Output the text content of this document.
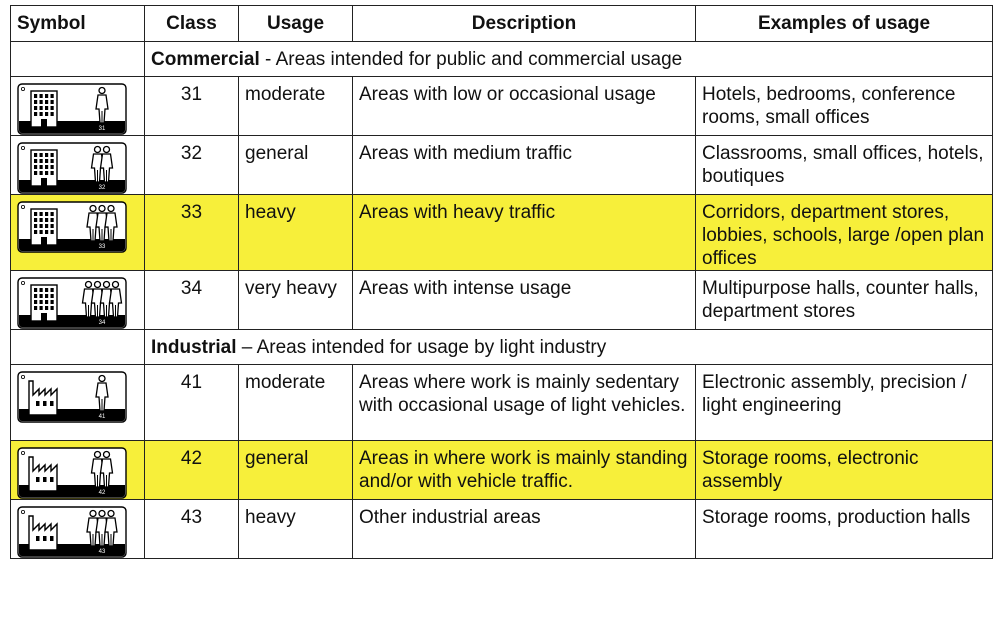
Symbol	Class	Usage	Description	Examples of usage
	Commercial - Areas intended for public and commercial usage			

31	31	moderate	Areas with low or occasional usage	Hotels, bedrooms, conference rooms, small offices

32	32	general	Areas with medium traffic	Classrooms, small offices, hotels, boutiques

33	33	heavy	Areas with heavy traffic	Corridors, department stores, lobbies, schools, large /open plan offices

34	34	very heavy	Areas with intense usage	Multipurpose halls, counter halls, department stores
	Industrial – Areas intended for usage by light industry			

41	41	moderate	Areas where work is mainly sedentary with occasional usage of light vehicles.	Electronic assembly, precision / light engineering

42	42	general	Areas in where work is mainly standing and/or with vehicle traffic.	Storage rooms, electronic assembly

43	43	heavy	Other industrial areas	Storage rooms, production halls
